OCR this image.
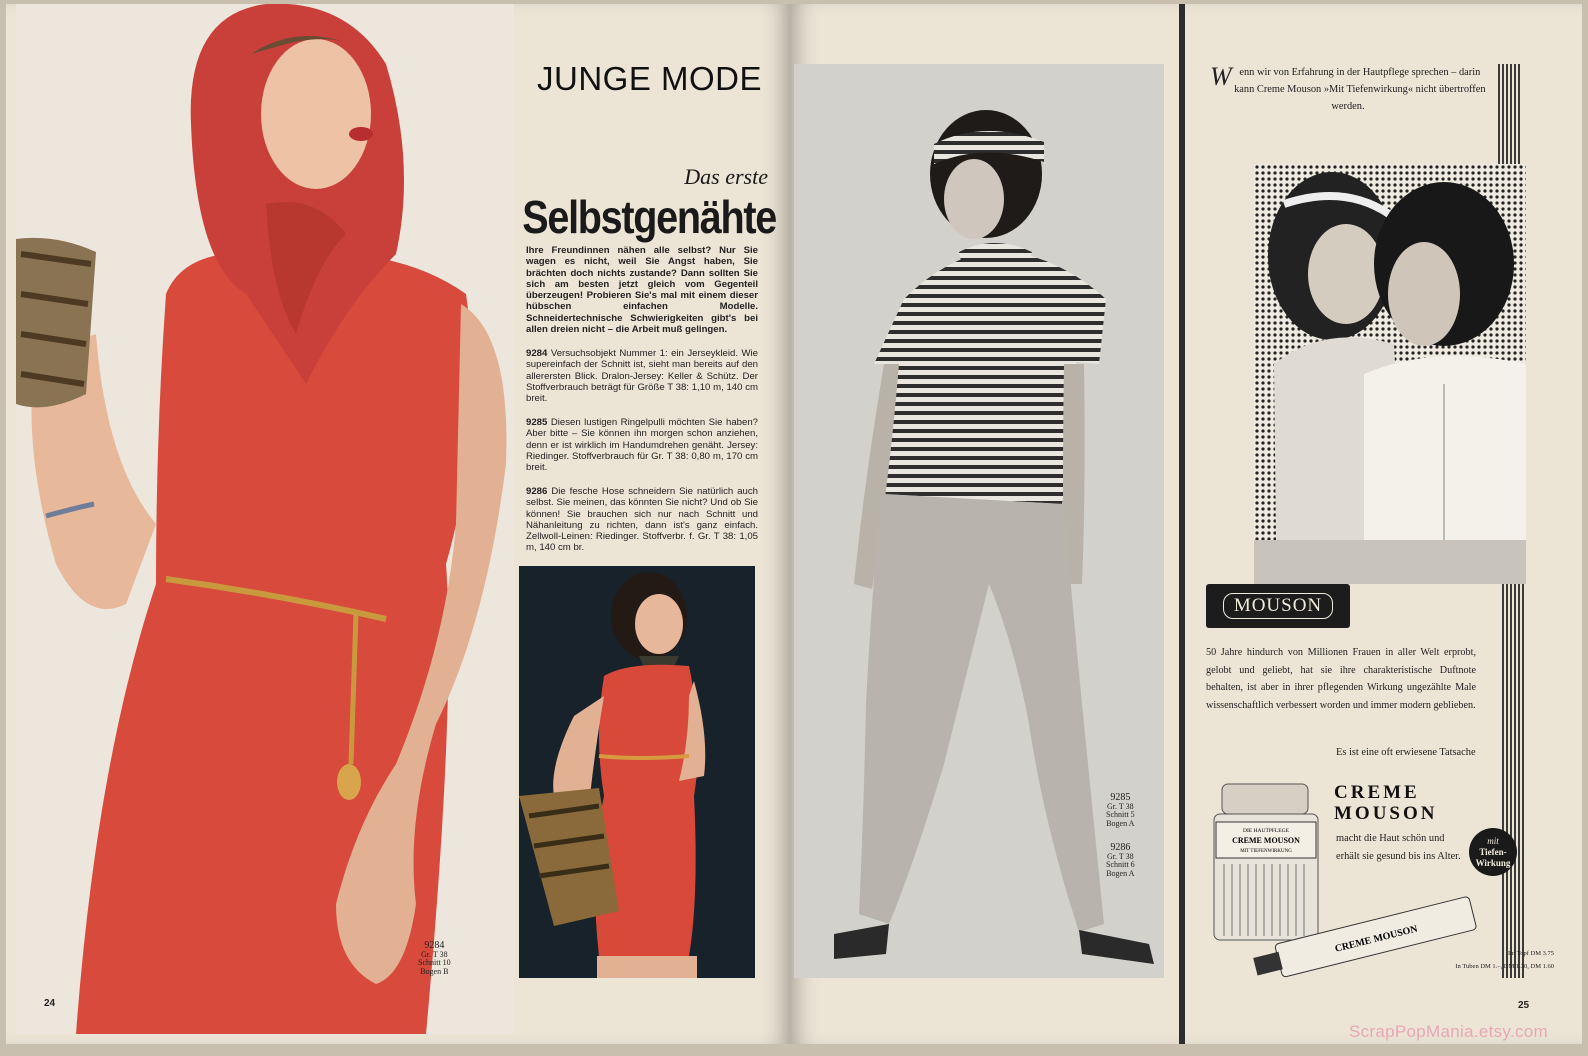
JUNGE MODE
Das ersteSelbstgenähte
Ihre Freundinnen nähen alle selbst? Nur Sie wagen es nicht, weil Sie Angst haben, Sie brächten doch nichts zustande? Dann sollten Sie sich am besten jetzt gleich vom Gegenteil überzeugen! Probieren Sie's mal mit einem dieser hübschen einfachen Modelle. Schneidertechnische Schwierigkeiten gibt's bei allen dreien nicht – die Arbeit muß gelingen.
9284 Versuchsobjekt Nummer 1: ein Jerseykleid. Wie supereinfach der Schnitt ist, sieht man bereits auf den allerersten Blick. Dralon-Jersey: Keller & Schütz. Der Stoffverbrauch beträgt für Größe T 38: 1,10 m, 140 cm breit.
9285 Diesen lustigen Ringelpulli möchten Sie haben? Aber bitte – Sie können ihn morgen schon anziehen, denn er ist wirklich im Handumdrehen genäht. Jersey: Riedinger. Stoffverbrauch für Gr. T 38: 0,80 m, 170 cm breit.
9286 Die fesche Hose schneidern Sie natürlich auch selbst. Sie meinen, das könnten Sie nicht? Und ob Sie können! Sie brauchen sich nur nach Schnitt und Nähanleitung zu richten, dann ist's ganz einfach. Zellwoll-Leinen: Riedinger. Stoffverbr. f. Gr. T 38: 1,05 m, 140 cm br.
9284
Gr. T 38
Schnitt 10
Bogen B
24
9285
Gr. T 38
Schnitt 5
Bogen A
9286
Gr. T 38
Schnitt 6
Bogen A
Wenn wir von Erfahrung in der Hautpflege sprechen – darin kann Creme Mouson »Mit Tiefenwirkung« nicht übertroffen werden.
MOUSON
50 Jahre hindurch von Millionen Frauen in aller Welt erprobt, gelobt und geliebt, hat sie ihre charakteristische Duftnote behalten, ist aber in ihrer pflegenden Wirkung ungezählte Male wissenschaftlich verbessert worden und immer modern geblieben.
Es ist eine oft erwiesene Tatsache
CREME
MOUSON
macht die Haut schön und erhält sie gesund bis ins Alter.
mit
Tiefen-
Wirkung
DIE HAUTPFLEGE
CREME MOUSON
MIT TIEFENWIRKUNG
CREME MOUSON	Im Topf DM 3.75
In Tuben DM 1.–, DM 1.30, DM 1.60
25
ScrapPopMania.etsy.com
